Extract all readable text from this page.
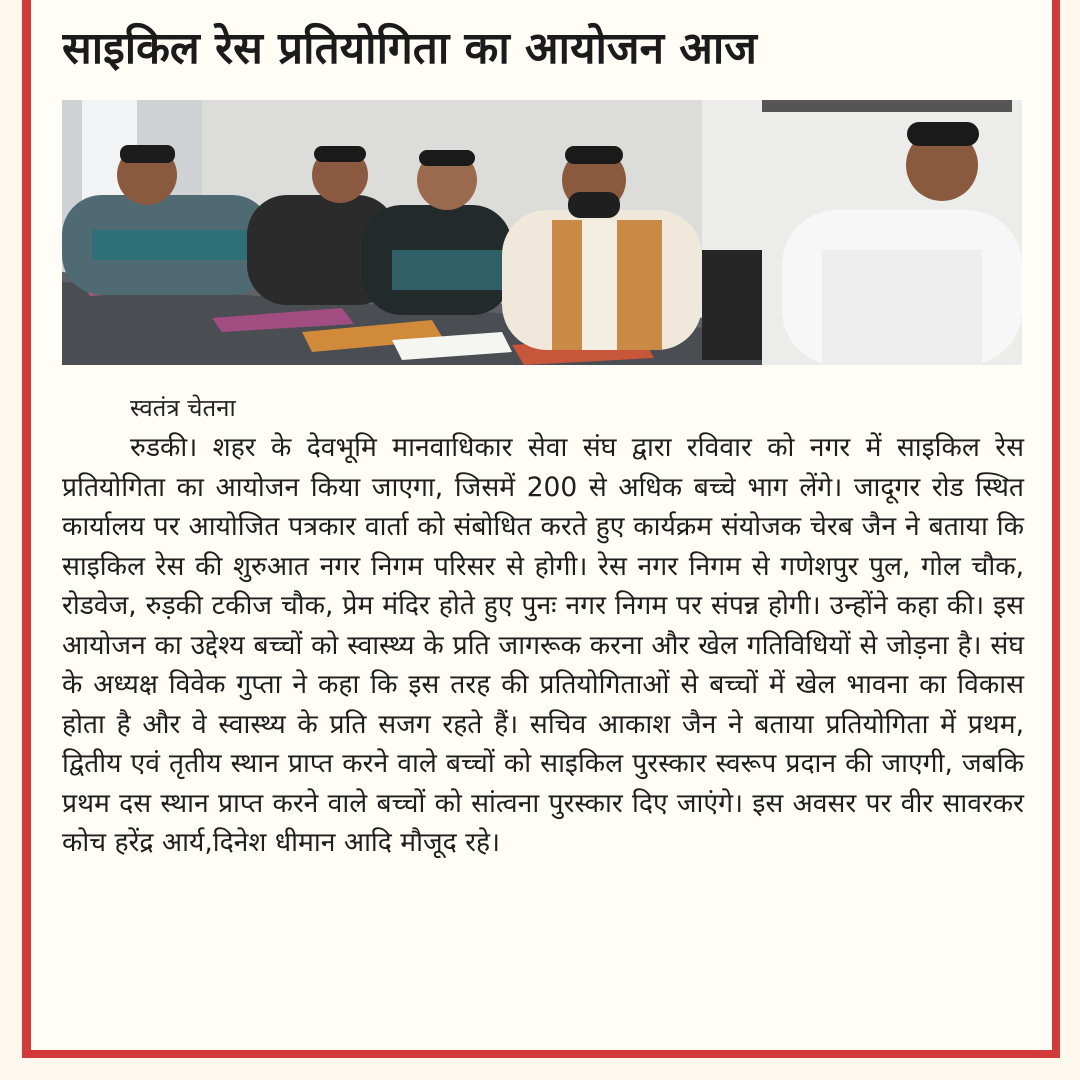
साइकिल रेस प्रतियोगिता का आयोजन आज
स्वतंत्र चेतना

रुडकी। शहर के देवभूमि मानवाधिकार सेवा संघ द्वारा रविवार को नगर में साइकिल रेस प्रतियोगिता का आयोजन किया जाएगा, जिसमें 200 से अधिक बच्चे भाग लेंगे। जादूगर रोड स्थित कार्यालय पर आयोजित पत्रकार वार्ता को संबोधित करते हुए कार्यक्रम संयोजक चेरब जैन ने बताया कि साइकिल रेस की शुरुआत नगर निगम परिसर से होगी। रेस नगर निगम से गणेशपुर पुल, गोल चौक, रोडवेज, रुड़की टकीज चौक, प्रेम मंदिर होते हुए पुनः नगर निगम पर संपन्न होगी। उन्होंने कहा की। इस आयोजन का उद्देश्य बच्चों को स्वास्थ्य के प्रति जागरूक करना और खेल गतिविधियों से जोड़ना है। संघ के अध्यक्ष विवेक गुप्ता ने कहा कि इस तरह की प्रतियोगिताओं से बच्चों में खेल भावना का विकास होता है और वे स्वास्थ्य के प्रति सजग रहते हैं। सचिव आकाश जैन ने बताया प्रतियोगिता में प्रथम, द्वितीय एवं तृतीय स्थान प्राप्त करने वाले बच्चों को साइकिल पुरस्कार स्वरूप प्रदान की जाएगी, जबकि प्रथम दस स्थान प्राप्त करने वाले बच्चों को सांत्वना पुरस्कार दिए जाएंगे। इस अवसर पर वीर सावरकर कोच हरेंद्र आर्य,दिनेश धीमान आदि मौजूद रहे।
